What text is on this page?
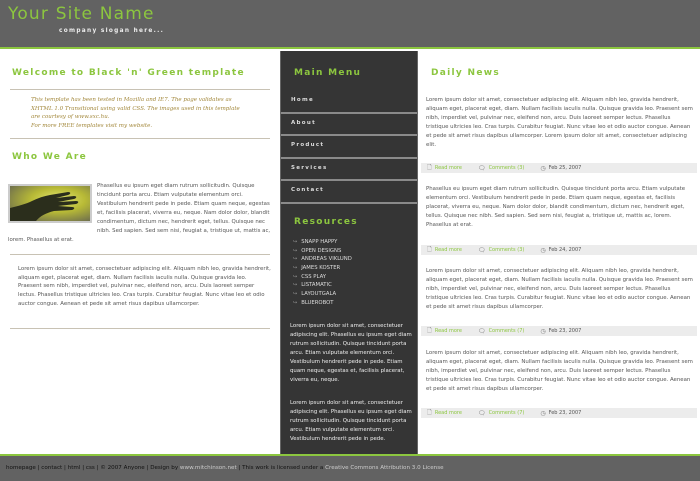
Your Site Name
company slogan here...
Welcome to Black 'n' Green template
This template has been tested in Mozilla and IE7. The page validates as
XHTML 1.0 Transitional using valid CSS. The images used in this template
are courtesy of www.sxc.hu.
For more FREE templates visit my website.
Who We Are
Phasellus eu ipsum eget diam rutrum sollicitudin. Quisque tincidunt porta arcu. Etiam vulputate elementum orci. Vestibulum hendrerit pede in pede. Etiam quam neque, egestas et, facilisis placerat, viverra eu, neque. Nam dolor dolor, blandit condimentum, dictum nec, hendrerit eget, tellus. Quisque nec nibh. Sed sapien. Sed sem nisi, feugiat a, tristique ut, mattis ac, lorem. Phasellus at erat.
Lorem ipsum dolor sit amet, consectetuer adipiscing elit. Aliquam nibh leo, gravida hendrerit, aliquam eget, placerat eget, diam. Nullam facilisis iaculis nulla. Quisque gravida leo. Praesent sem nibh, imperdiet vel, pulvinar nec, eleifend non, arcu. Duis laoreet semper lectus. Phasellus tristique ultricies leo. Cras turpis. Curabitur feugiat. Nunc vitae leo et odio auctor congue. Aenean et pede sit amet risus dapibus ullamcorper.
Main Menu
Home
About
Product
Services
Contact
Resources
↪ SNAPP HAPPY
↪ OPEN DESIGNS
↪ ANDREAS VIKLUND
↪ JAMES KOSTER
↪ CSS PLAY
↪ LISTAMATIC
↪ LAYOUTGALA
↪ BLUEROBOT
Lorem ipsum dolor sit amet, consectetuer adipiscing elit. Phasellus eu ipsum eget diam rutrum sollicitudin. Quisque tincidunt porta arcu. Etiam vulputate elementum orci. Vestibulum hendrerit pede in pede. Etiam quam neque, egestas et, facilisis placerat, viverra eu, neque.
Lorem ipsum dolor sit amet, consectetuer adipiscing elit. Phasellus eu ipsum eget diam rutrum sollicitudin. Quisque tincidunt porta arcu. Etiam vulputate elementum orci. Vestibulum hendrerit pede in pede.
Daily News
Lorem ipsum dolor sit amet, consectetuer adipiscing elit. Aliquam nibh leo, gravida hendrerit, aliquam eget, placerat eget, diam. Nullam facilisis iaculis nulla. Quisque gravida leo. Praesent sem nibh, imperdiet vel, pulvinar nec, eleifend non, arcu. Duis laoreet semper lectus. Phasellus tristique ultricies leo. Cras turpis. Curabitur feugiat. Nunc vitae leo et odio auctor congue. Aenean et pede sit amet risus dapibus ullamcorper. Lorem ipsum dolor sit amet, consectetuer adipiscing elit.
🗋 Read more	🗨 Comments (3)	◷ Feb 25, 2007
Phasellus eu ipsum eget diam rutrum sollicitudin. Quisque tincidunt porta arcu. Etiam vulputate elementum orci. Vestibulum hendrerit pede in pede. Etiam quam neque, egestas et, facilisis placerat, viverra eu, neque. Nam dolor dolor, blandit condimentum, dictum nec, hendrerit eget, tellus. Quisque nec nibh. Sed sapien. Sed sem nisi, feugiat a, tristique ut, mattis ac, lorem. Phasellus at erat.
🗋 Read more	🗨 Comments (3)	◷ Feb 24, 2007
Lorem ipsum dolor sit amet, consectetuer adipiscing elit. Aliquam nibh leo, gravida hendrerit, aliquam eget, placerat eget, diam. Nullam facilisis iaculis nulla. Quisque gravida leo. Praesent sem nibh, imperdiet vel, pulvinar nec, eleifend non, arcu. Duis laoreet semper lectus. Phasellus tristique ultricies leo. Cras turpis. Curabitur feugiat. Nunc vitae leo et odio auctor congue. Aenean et pede sit amet risus dapibus ullamcorper.
🗋 Read more	🗨 Comments (7)	◷ Feb 23, 2007
Lorem ipsum dolor sit amet, consectetuer adipiscing elit. Aliquam nibh leo, gravida hendrerit, aliquam eget, placerat eget, diam. Nullam facilisis iaculis nulla. Quisque gravida leo. Praesent sem nibh, imperdiet vel, pulvinar nec, eleifend non, arcu. Duis laoreet semper lectus. Phasellus tristique ultricies leo. Cras turpis. Curabitur feugiat. Nunc vitae leo et odio auctor congue. Aenean et pede sit amet risus dapibus ullamcorper.
🗋 Read more	🗨 Comments (7)	◷ Feb 23, 2007
homepage | contact | html | css | © 2007 Anyone | Design by www.mitchinson.net | This work is licensed under a Creative Commons Attribution 3.0 License
